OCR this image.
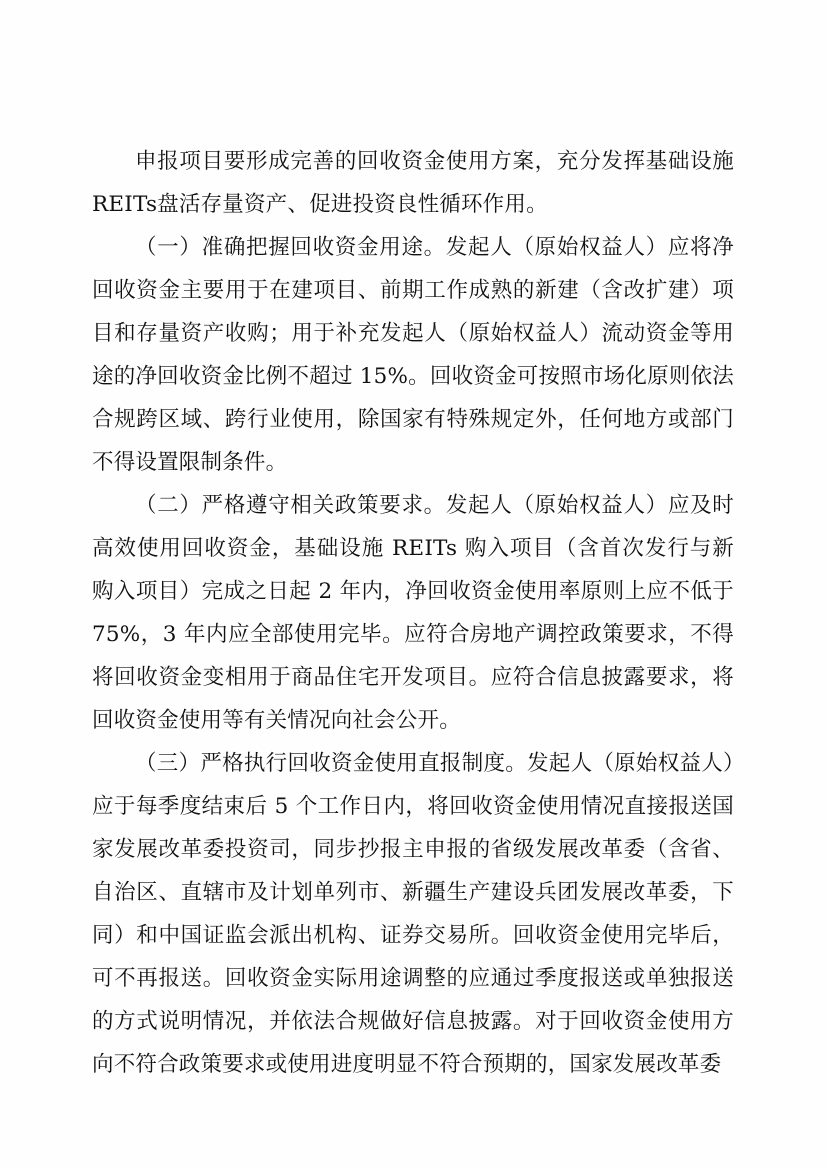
申报项目要形成完善的回收资金使用方案，充分发挥基础设施REITs盘活存量资产、促进投资良性循环作用。

（一）准确把握回收资金用途。发起人（原始权益人）应将净回收资金主要用于在建项目、前期工作成熟的新建（含改扩建）项目和存量资产收购；用于补充发起人（原始权益人）流动资金等用途的净回收资金比例不超过 15%。回收资金可按照市场化原则依法合规跨区域、跨行业使用，除国家有特殊规定外，任何地方或部门不得设置限制条件。

（二）严格遵守相关政策要求。发起人（原始权益人）应及时高效使用回收资金，基础设施 REITs 购入项目（含首次发行与新购入项目）完成之日起 2 年内，净回收资金使用率原则上应不低于 75%，3 年内应全部使用完毕。应符合房地产调控政策要求，不得将回收资金变相用于商品住宅开发项目。应符合信息披露要求，将回收资金使用等有关情况向社会公开。

（三）严格执行回收资金使用直报制度。发起人（原始权益人）应于每季度结束后 5 个工作日内，将回收资金使用情况直接报送国家发展改革委投资司，同步抄报主申报的省级发展改革委（含省、自治区、直辖市及计划单列市、新疆生产建设兵团发展改革委，下同）和中国证监会派出机构、证券交易所。回收资金使用完毕后，可不再报送。回收资金实际用途调整的应通过季度报送或单独报送的方式说明情况，并依法合规做好信息披露。对于回收资金使用方向不符合政策要求或使用进度明显不符合预期的，国家发展改革委
